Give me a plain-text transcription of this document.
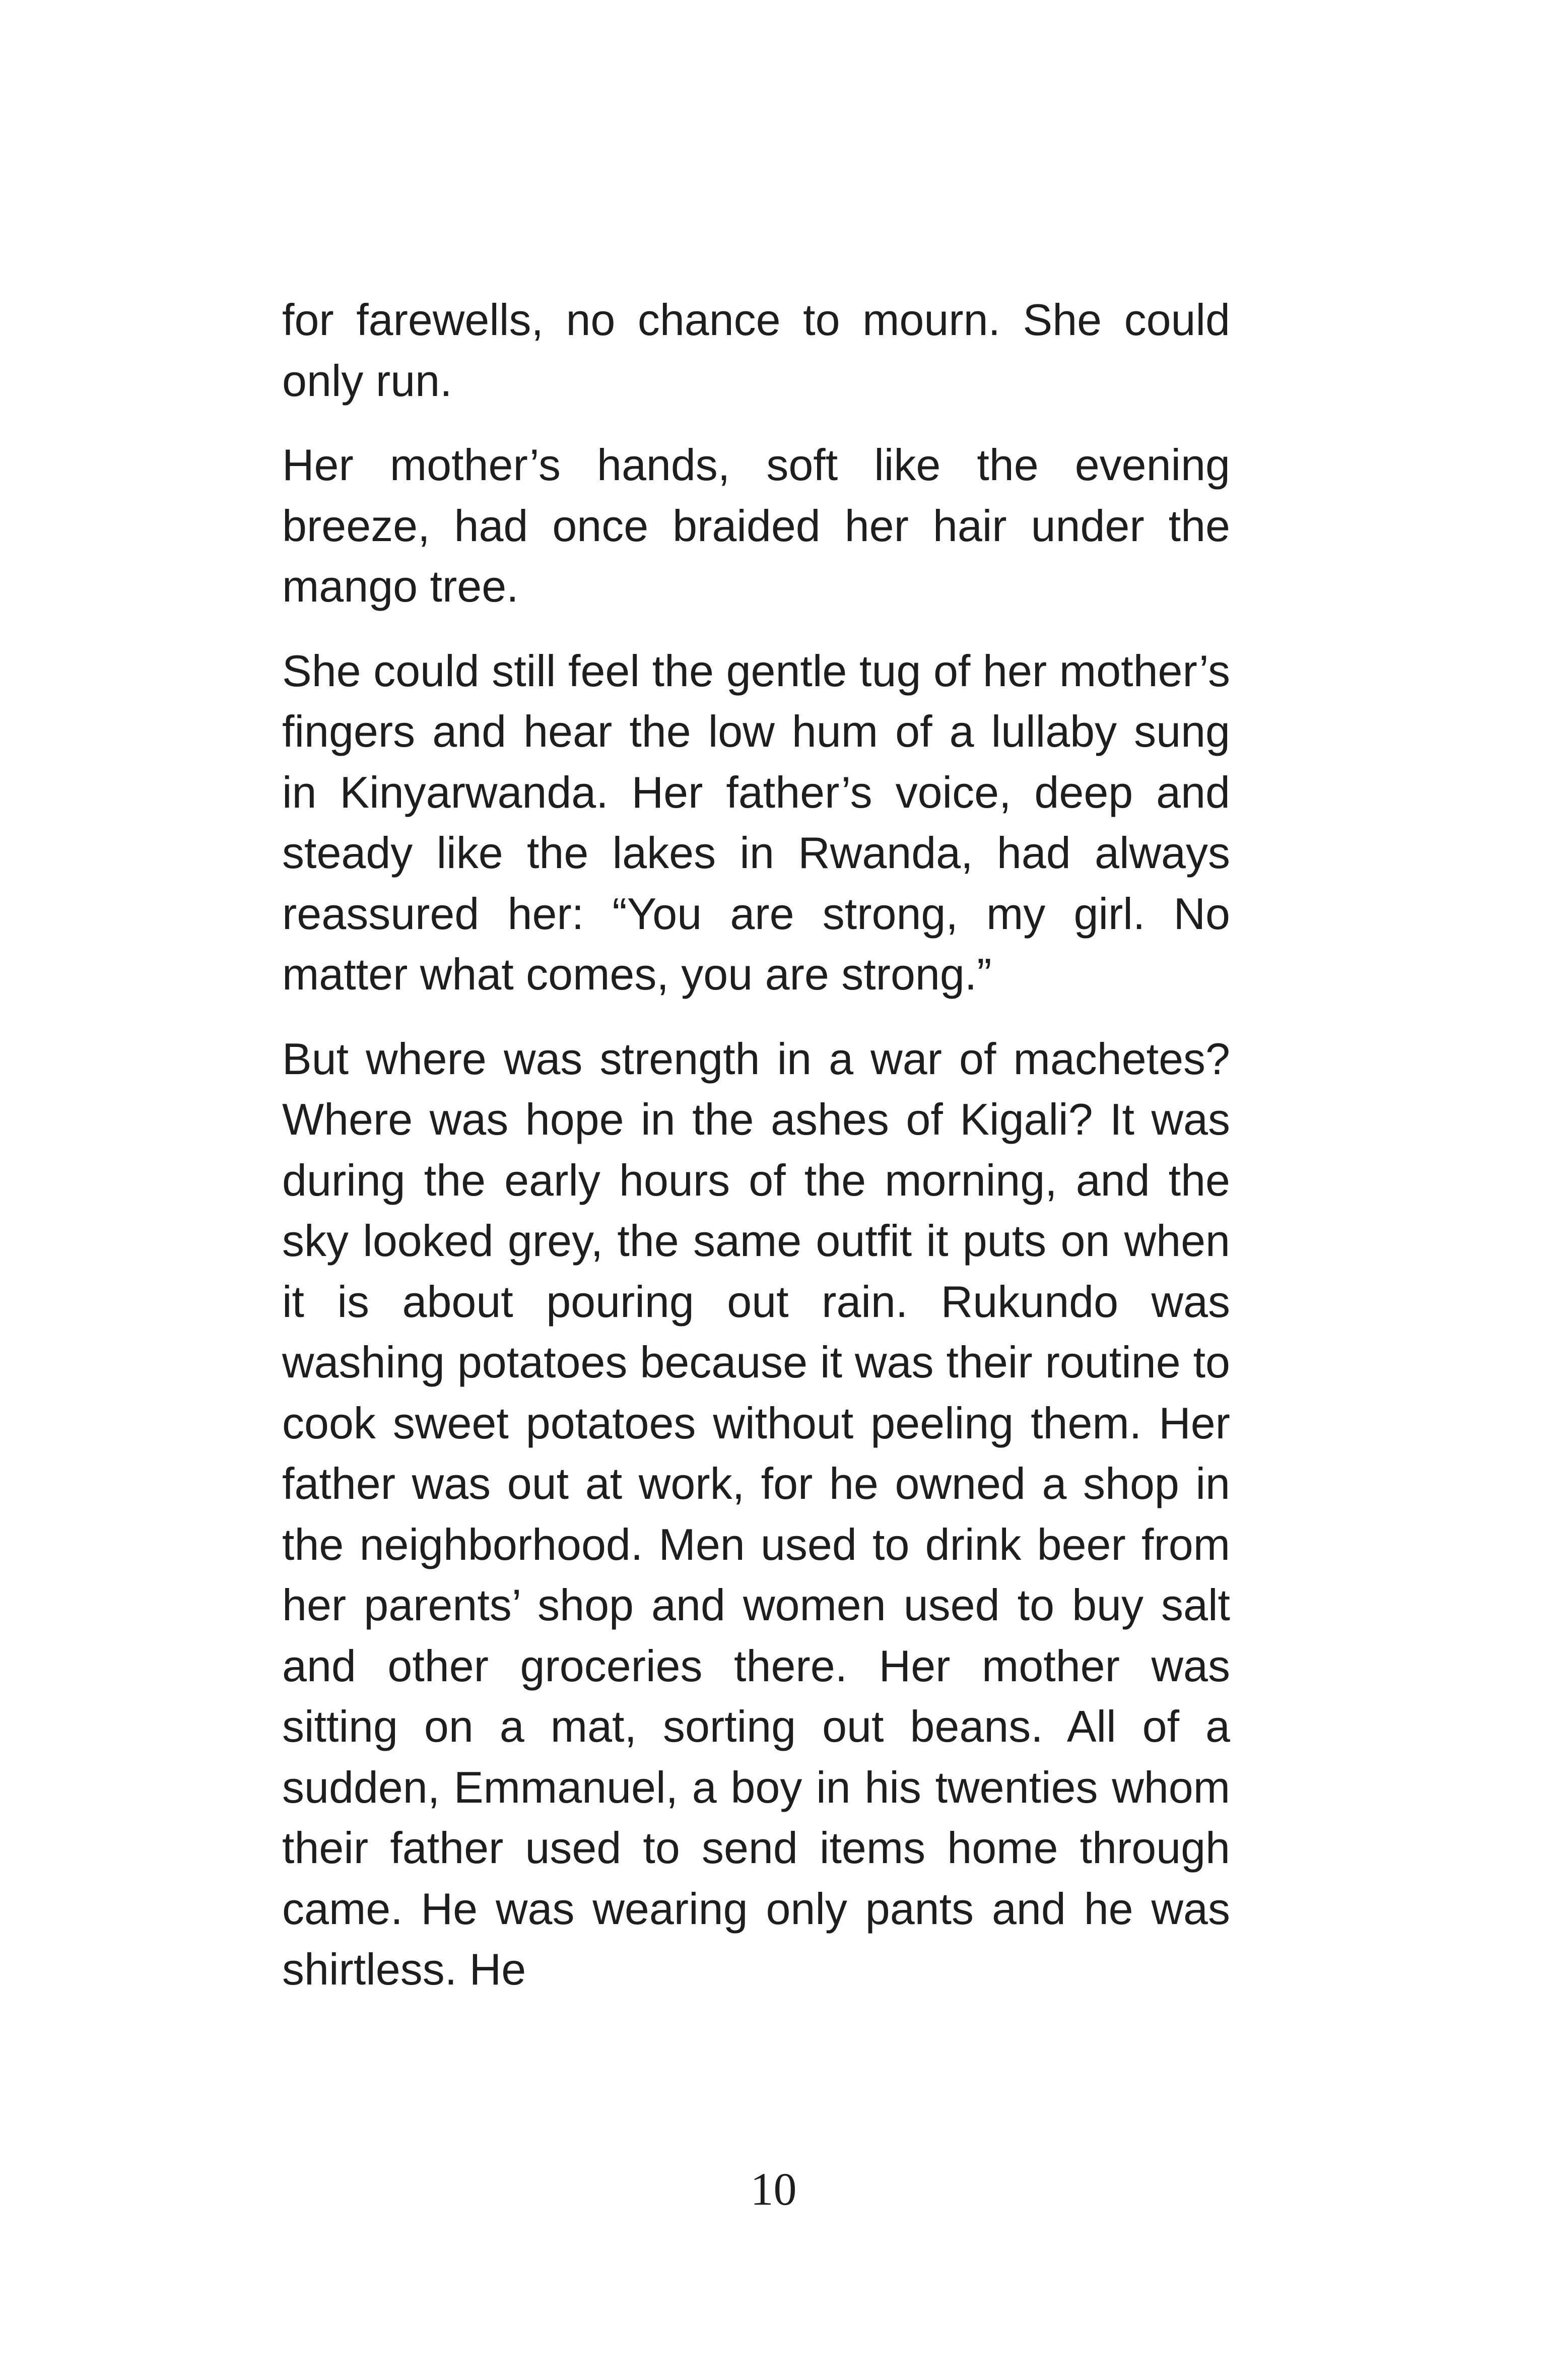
for farewells, no chance to mourn. She could only run.

Her mother’s hands, soft like the evening breeze, had once braided her hair under the mango tree.

She could still feel the gentle tug of her mother’s fingers and hear the low hum of a lullaby sung in Kinyarwanda. Her father’s voice, deep and steady like the lakes in Rwanda, had always reassured her: “You are strong, my girl. No matter what comes, you are strong.”

But where was strength in a war of machetes? Where was hope in the ashes of Kigali? It was during the early hours of the morning, and the sky looked grey, the same outfit it puts on when it is about pouring out rain. Rukundo was washing potatoes because it was their routine to cook sweet potatoes without peeling them. Her father was out at work, for he owned a shop in the neighborhood. Men used to drink beer from her parents’ shop and women used to buy salt and other groceries there. Her mother was sitting on a mat, sorting out beans. All of a sudden, Emmanuel, a boy in his twenties whom their father used to send items home through came. He was wearing only pants and he was shirtless. He

10
